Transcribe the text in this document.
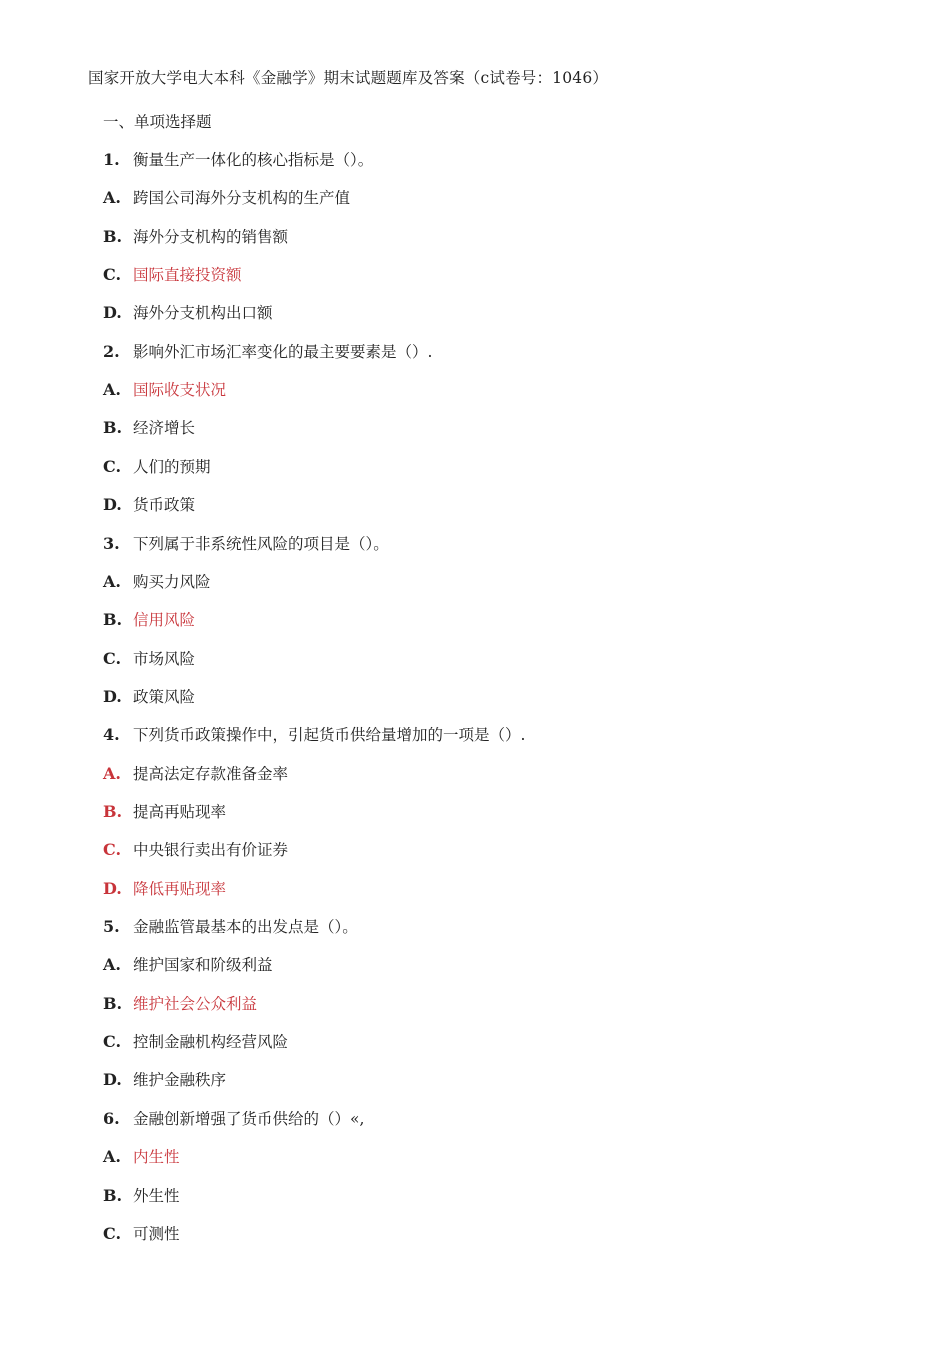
国家开放大学电大本科《金融学》期末试题题库及答案（c试卷号：1046）
一、单项选择题
1. 衡量生产一体化的核心指标是（）。
A. 跨国公司海外分支机构的生产值
B. 海外分支机构的销售额
C. 国际直接投资额
D. 海外分支机构出口额
2. 影响外汇市场汇率变化的最主要要素是（）.
A. 国际收支状况
B. 经济增长
C. 人们的预期
D. 货币政策
3. 下列属于非系统性风险的项目是（）。
A. 购买力风险
B. 信用风险
C. 市场风险
D. 政策风险
4. 下列货币政策操作中，引起货币供给量增加的一项是（）.
A. 提高法定存款准备金率
B. 提高再贴现率
C. 中央银行卖出有价证券
D. 降低再贴现率
5. 金融监管最基本的出发点是（）。
A. 维护国家和阶级利益
B. 维护社会公众利益
C. 控制金融机构经营风险
D. 维护金融秩序
6. 金融创新增强了货币供给的（）«,
A. 内生性
B. 外生性
C. 可测性
